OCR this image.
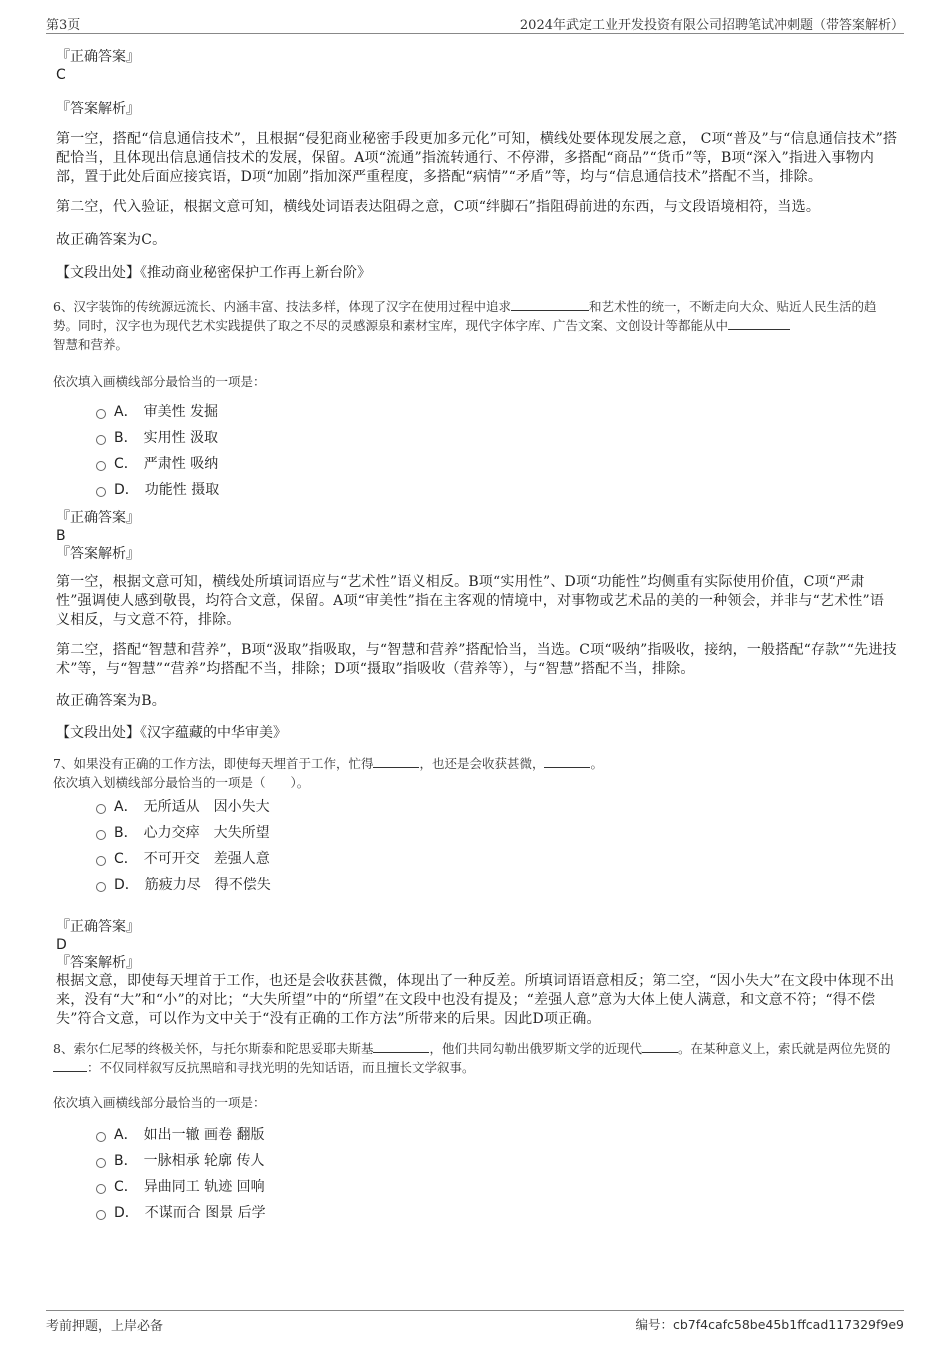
第3页	2024年武定工业开发投资有限公司招聘笔试冲刺题（带答案解析）
『正确答案』
C
『答案解析』

第一空，搭配“信息通信技术”，且根据“侵犯商业秘密手段更加多元化”可知，横线处要体现发展之意， C项“普及”与“信息通信技术”搭配恰当，且体现出信息通信技术的发展，保留。A项“流通”指流转通行、不停滞，多搭配“商品”“货币”等，B项“深入”指进入事物内部，置于此处后面应接宾语，D项“加剧”指加深严重程度，多搭配“病情”“矛盾”等，均与“信息通信技术”搭配不当，排除。

第二空，代入验证，根据文意可知，横线处词语表达阻碍之意，C项“绊脚石”指阻碍前进的东西，与文段语境相符，当选。

故正确答案为C。

【文段出处】《推动商业秘密保护工作再上新台阶》

6、汉字装饰的传统源远流长、内涵丰富、技法多样，体现了汉字在使用过程中追求	和艺术性的统一，不断走向大众、贴近人民生活的趋势。同时，汉字也为现代艺术实践提供了取之不尽的灵感源泉和素材宝库，现代字体字库、广告文案、文创设计等都能从中
智慧和营养。

依次填入画横线部分最恰当的一项是：

A． 审美性 发掘
B． 实用性 汲取
C． 严肃性 吸纳
D． 功能性 摄取
『正确答案』
B
『答案解析』

第一空，根据文意可知，横线处所填词语应与“艺术性”语义相反。B项“实用性”、D项“功能性”均侧重有实际使用价值，C项“严肃性”强调使人感到敬畏，均符合文意，保留。A项“审美性”指在主客观的情境中，对事物或艺术品的美的一种领会，并非与“艺术性”语义相反，与文意不符，排除。

第二空，搭配“智慧和营养”，B项“汲取”指吸取，与“智慧和营养”搭配恰当，当选。C项“吸纳”指吸收，接纳，一般搭配“存款”“先进技术”等，与“智慧”“营养”均搭配不当，排除；D项“摄取”指吸收（营养等），与“智慧”搭配不当，排除。

故正确答案为B。

【文段出处】《汉字蕴藏的中华审美》

7、如果没有正确的工作方法，即使每天埋首于工作，忙得	，也还是会收获甚微，	。

依次填入划横线部分最恰当的一项是（　　）。

A． 无所适从　因小失大
B． 心力交瘁　大失所望
C． 不可开交　差强人意
D． 筋疲力尽　得不偿失
『正确答案』
D
『答案解析』

根据文意，即使每天埋首于工作，也还是会收获甚微，体现出了一种反差。所填词语语意相反；第二空，“因小失大”在文段中体现不出来，没有“大”和“小”的对比；“大失所望”中的“所望”在文段中也没有提及；“差强人意”意为大体上使人满意，和文意不符；“得不偿失”符合文意，可以作为文中关于“没有正确的工作方法”所带来的后果。因此D项正确。

8、索尔仁尼琴的终极关怀，与托尔斯泰和陀思妥耶夫斯基	，他们共同勾勒出俄罗斯文学的近现代	。在某种意义上，索氏就是两位先贤的：不仅同样叙写反抗黑暗和寻找光明的先知话语，而且擅长文学叙事。

依次填入画横线部分最恰当的一项是：

A． 如出一辙 画卷 翻版
B． 一脉相承 轮廓 传人
C． 异曲同工 轨迹 回响
D． 不谋而合 图景 后学
考前押题，上岸必备	编号：cb7f4cafc58be45b1ffcad117329f9e9
